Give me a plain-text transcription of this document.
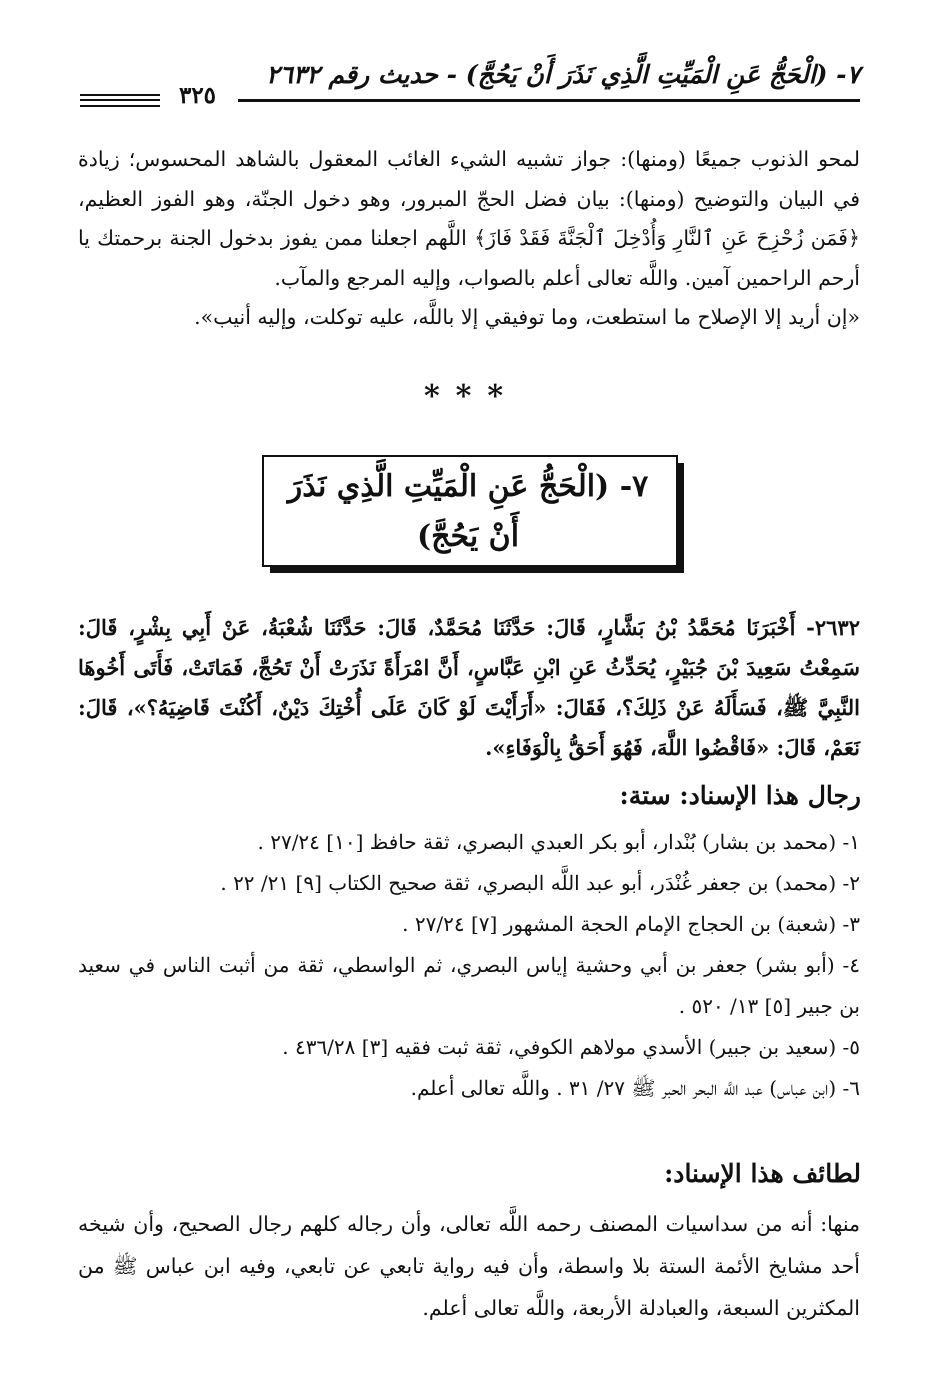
٧- (الْحَجُّ عَنِ الْمَيِّتِ الَّذِي نَذَرَ أَنْ يَحُجَّ) - حديث رقم ٢٦٣٢
٣٢٥

لمحو الذنوب جميعًا (ومنها): جواز تشبيه الشيء الغائب المعقول بالشاهد المحسوس؛ زيادة في البيان والتوضيح (ومنها): بيان فضل الحجّ المبرور، وهو دخول الجنّة، وهو الفوز العظيم، ﴿فَمَن زُحْزِحَ عَنِ ٱلنَّارِ وَأُدْخِلَ ٱلْجَنَّةَ فَقَدْ فَازَ﴾ اللَّهم اجعلنا ممن يفوز بدخول الجنة برحمتك يا أرحم الراحمين آمين. واللَّه تعالى أعلم بالصواب، وإليه المرجع والمآب.

«إن أريد إلا الإصلاح ما استطعت، وما توفيقي إلا باللَّه، عليه توكلت، وإليه أنيب».

***
٧- (الْحَجُّ عَنِ الْمَيِّتِ الَّذِي نَذَرَ أَنْ يَحُجَّ)

٢٦٣٢- أَخْبَرَنَا مُحَمَّدُ بْنُ بَشَّارٍ، قَالَ: حَدَّثَنَا مُحَمَّدٌ، قَالَ: حَدَّثَنَا شُعْبَةُ، عَنْ أَبِي بِشْرٍ، قَالَ: سَمِعْتُ سَعِيدَ بْنَ جُبَيْرٍ، يُحَدِّثُ عَنِ ابْنِ عَبَّاسٍ، أَنَّ امْرَأَةً نَذَرَتْ أَنْ تَحُجَّ، فَمَاتَتْ، فَأَتَى أَخُوهَا النَّبِيَّ ﷺ، فَسَأَلَهُ عَنْ ذَلِكَ؟، فَقَالَ: «أَرَأَيْتَ لَوْ كَانَ عَلَى أُخْتِكَ دَيْنٌ، أَكُنْتَ قَاضِيَهُ؟»، قَالَ: نَعَمْ، قَالَ: «فَاقْضُوا اللَّهَ، فَهُوَ أَحَقُّ بِالْوَفَاءِ».

رجال هذا الإسناد: ستة:

١- (محمد بن بشار) بُنْدار، أبو بكر العبدي البصري، ثقة حافظ [١٠] ٢٧/٢٤ .

٢- (محمد) بن جعفر غُنْدَر، أبو عبد اللَّه البصري، ثقة صحيح الكتاب [٩] ٢١/ ٢٢ .

٣- (شعبة) بن الحجاج الإمام الحجة المشهور [٧] ٢٧/٢٤ .

٤- (أبو بشر) جعفر بن أبي وحشية إياس البصري، ثم الواسطي، ثقة من أثبت الناس في سعيد بن جبير [٥] ١٣/ ٥٢٠ .

٥- (سعيد بن جبير) الأسدي مولاهم الكوفي، ثقة ثبت فقيه [٣] ٤٣٦/٢٨ .

٦- (ابن عباس) عبد اللَّه البحر الحبر ﷺ ٢٧/ ٣١ . واللَّه تعالى أعلم.

لطائف هذا الإسناد:

منها: أنه من سداسيات المصنف رحمه اللَّه تعالى، وأن رجاله كلهم رجال الصحيح، وأن شيخه أحد مشايخ الأئمة الستة بلا واسطة، وأن فيه رواية تابعي عن تابعي، وفيه ابن عباس ﷺ من المكثرين السبعة، والعبادلة الأربعة، واللَّه تعالى أعلم.
